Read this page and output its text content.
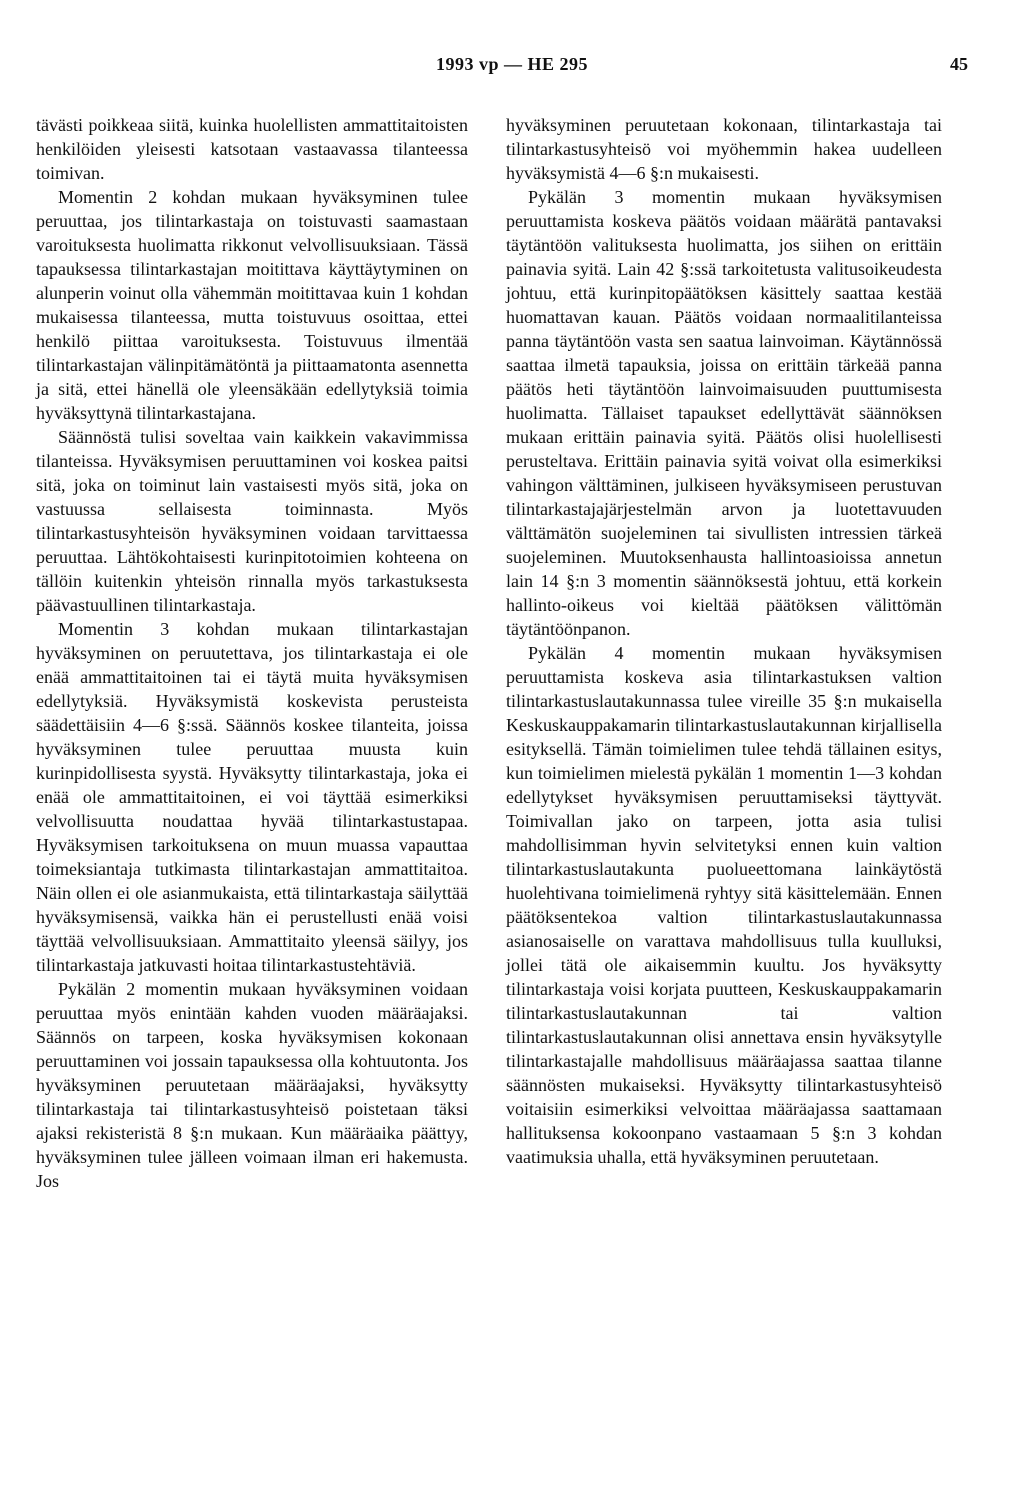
1993 vp — HE 295	45

tävästi poikkeaa siitä, kuinka huolellisten ammattitaitoisten henkilöiden yleisesti katsotaan vastaavassa tilanteessa toimivan.

Momentin 2 kohdan mukaan hyväksyminen tulee peruuttaa, jos tilintarkastaja on toistuvasti saamastaan varoituksesta huolimatta rikkonut velvollisuuksiaan. Tässä tapauksessa tilintarkastajan moitittava käyttäytyminen on alunperin voinut olla vähemmän moitittavaa kuin 1 kohdan mukaisessa tilanteessa, mutta toistuvuus osoittaa, ettei henkilö piittaa varoituksesta. Toistuvuus ilmentää tilintarkastajan välinpitämätöntä ja piittaamatonta asennetta ja sitä, ettei hänellä ole yleensäkään edellytyksiä toimia hyväksyttynä tilintarkastajana.

Säännöstä tulisi soveltaa vain kaikkein vakavimmissa tilanteissa. Hyväksymisen peruuttaminen voi koskea paitsi sitä, joka on toiminut lain vastaisesti myös sitä, joka on vastuussa sellaisesta toiminnasta. Myös tilintarkastusyhteisön hyväksyminen voidaan tarvittaessa peruuttaa. Lähtökohtaisesti kurinpitotoimien kohteena on tällöin kuitenkin yhteisön rinnalla myös tarkastuksesta päävastuullinen tilintarkastaja.

Momentin 3 kohdan mukaan tilintarkastajan hyväksyminen on peruutettava, jos tilintarkastaja ei ole enää ammattitaitoinen tai ei täytä muita hyväksymisen edellytyksiä. Hyväksymistä koskevista perusteista säädettäisiin 4—6 §:ssä. Säännös koskee tilanteita, joissa hyväksyminen tulee peruuttaa muusta kuin kurinpidollisesta syystä. Hyväksytty tilintarkastaja, joka ei enää ole ammattitaitoinen, ei voi täyttää esimerkiksi velvollisuutta noudattaa hyvää tilintarkastustapaa. Hyväksymisen tarkoituksena on muun muassa vapauttaa toimeksiantaja tutkimasta tilintarkastajan ammattitaitoa. Näin ollen ei ole asianmukaista, että tilintarkastaja säilyttää hyväksymisensä, vaikka hän ei perustellusti enää voisi täyttää velvollisuuksiaan. Ammattitaito yleensä säilyy, jos tilintarkastaja jatkuvasti hoitaa tilintarkastustehtäviä.

Pykälän 2 momentin mukaan hyväksyminen voidaan peruuttaa myös enintään kahden vuoden määräajaksi. Säännös on tarpeen, koska hyväksymisen kokonaan peruuttaminen voi jossain tapauksessa olla kohtuutonta. Jos hyväksyminen peruutetaan määräajaksi, hyväksytty tilintarkastaja tai tilintarkastusyhteisö poistetaan täksi ajaksi rekisteristä 8 §:n mukaan. Kun määräaika päättyy, hyväksyminen tulee jälleen voimaan ilman eri hakemusta. Jos

hyväksyminen peruutetaan kokonaan, tilintarkastaja tai tilintarkastusyhteisö voi myöhemmin hakea uudelleen hyväksymistä 4—6 §:n mukaisesti.

Pykälän 3 momentin mukaan hyväksymisen peruuttamista koskeva päätös voidaan määrätä pantavaksi täytäntöön valituksesta huolimatta, jos siihen on erittäin painavia syitä. Lain 42 §:ssä tarkoitetusta valitusoikeudesta johtuu, että kurinpitopäätöksen käsittely saattaa kestää huomattavan kauan. Päätös voidaan normaalitilanteissa panna täytäntöön vasta sen saatua lainvoiman. Käytännössä saattaa ilmetä tapauksia, joissa on erittäin tärkeää panna päätös heti täytäntöön lainvoimaisuuden puuttumisesta huolimatta. Tällaiset tapaukset edellyttävät säännöksen mukaan erittäin painavia syitä. Päätös olisi huolellisesti perusteltava. Erittäin painavia syitä voivat olla esimerkiksi vahingon välttäminen, julkiseen hyväksymiseen perustuvan tilintarkastajajärjestelmän arvon ja luotettavuuden välttämätön suojeleminen tai sivullisten intressien tärkeä suojeleminen. Muutoksenhausta hallintoasioissa annetun lain 14 §:n 3 momentin säännöksestä johtuu, että korkein hallinto-oikeus voi kieltää päätöksen välittömän täytäntöönpanon.

Pykälän 4 momentin mukaan hyväksymisen peruuttamista koskeva asia tilintarkastuksen valtion tilintarkastuslautakunnassa tulee vireille 35 §:n mukaisella Keskuskauppakamarin tilintarkastuslautakunnan kirjallisella esityksellä. Tämän toimielimen tulee tehdä tällainen esitys, kun toimielimen mielestä pykälän 1 momentin 1—3 kohdan edellytykset hyväksymisen peruuttamiseksi täyttyvät. Toimivallan jako on tarpeen, jotta asia tulisi mahdollisimman hyvin selvitetyksi ennen kuin valtion tilintarkastuslautakunta puolueettomana lainkäytöstä huolehtivana toimielimenä ryhtyy sitä käsittelemään. Ennen päätöksentekoa valtion tilintarkastuslautakunnassa asianosaiselle on varattava mahdollisuus tulla kuulluksi, jollei tätä ole aikaisemmin kuultu. Jos hyväksytty tilintarkastaja voisi korjata puutteen, Keskuskauppakamarin tilintarkastuslautakunnan tai valtion tilintarkastuslautakunnan olisi annettava ensin hyväksytylle tilintarkastajalle mahdollisuus määräajassa saattaa tilanne säännösten mukaiseksi. Hyväksytty tilintarkastusyhteisö voitaisiin esimerkiksi velvoittaa määräajassa saattamaan hallituksensa kokoonpano vastaamaan 5 §:n 3 kohdan vaatimuksia uhalla, että hyväksyminen peruutetaan.
